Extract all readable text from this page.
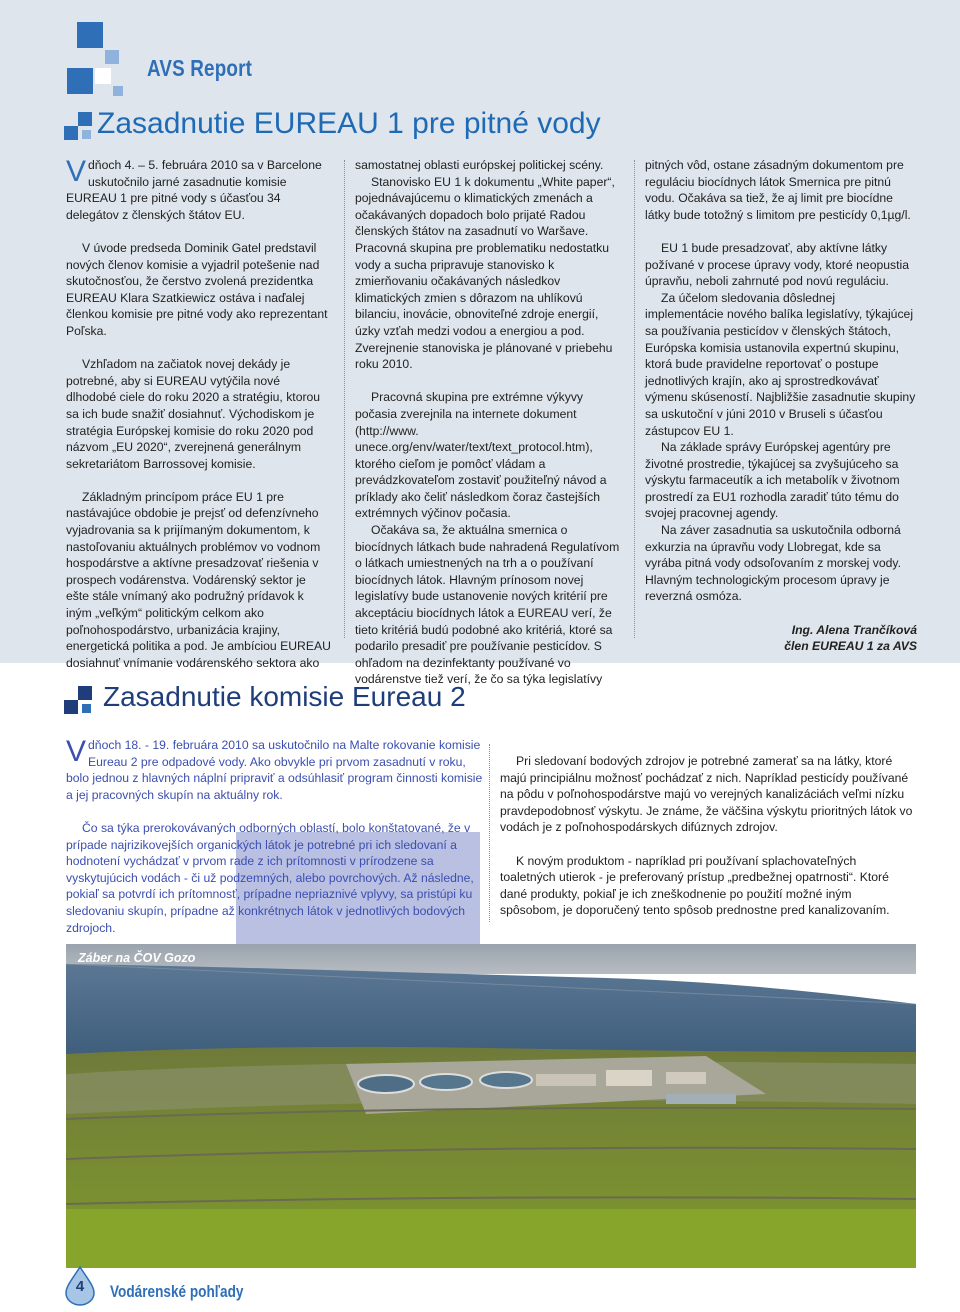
AVS Report
Zasadnutie EUREAU 1 pre pitné vody

Vdňoch 4. – 5. februára 2010 sa v Barcelone uskutočnilo jarné zasadnutie komisie EUREAU 1 pre pitné vody s účasťou 34 delegátov z členských štátov EU.

V úvode predseda Dominik Gatel predstavil nových členov komisie a vyjadril potešenie nad skutočnosťou, že čerstvo zvolená prezidentka EUREAU Klara Szatkiewicz ostáva i naďalej členkou komisie pre pitné vody ako reprezentant Poľska.

Vzhľadom na začiatok novej dekády je potrebné, aby si EUREAU vytýčila nové dlhodobé ciele do roku 2020 a stratégiu, ktorou sa ich bude snažiť dosiahnuť. Východiskom je stratégia Európskej komisie do roku 2020 pod názvom „EU 2020“, zverejnená generálnym sekretariátom Barrossovej komisie.

Základným princípom práce EU 1 pre nastávajúce obdobie je prejsť od defenzívneho vyjadrovania sa k prijímaným dokumentom, k nastoľovaniu aktuálnych problémov vo vodnom hospodárstve a aktívne presadzovať riešenia v prospech vodárenstva. Vodárenský sektor je ešte stále vnímaný ako podružný prídavok k iným „veľkým“ politickým celkom ako poľnohospodárstvo, urbanizácia krajiny, energetická politika a pod. Je ambíciou EUREAU dosiahnuť vnímanie vodárenského sektora ako

samostatnej oblasti európskej politickej scény.

Stanovisko EU 1 k dokumentu „White paper“, pojednávajúcemu o klimatických zmenách a očakávaných dopadoch bolo prijaté Radou členských štátov na zasadnutí vo Waršave. Pracovná skupina pre problematiku nedostatku vody a sucha pripravuje stanovisko k zmierňovaniu očakávaných následkov klimatických zmien s dôrazom na uhlíkovú bilanciu, inovácie, obnoviteľné zdroje energií, úzky vzťah medzi vodou a energiou a pod. Zverejnenie stanoviska je plánované v priebehu roku 2010.

Pracovná skupina pre extrémne výkyvy počasia zverejnila na internete dokument (http://www. unece.org/env/water/text/text_protocol.htm), ktorého cieľom je pomôcť vládam a prevádzkovateľom zostaviť použiteľný návod a príklady ako čeliť následkom čoraz častejších extrémnych výčinov počasia.

Očakáva sa, že aktuálna smernica o biocídnych látkach bude nahradená Regulatívom o látkach umiestnených na trh a o používaní biocídnych látok. Hlavným prínosom novej legislatívy bude ustanovenie nových kritérií pre akceptáciu biocídnych látok a EUREAU verí, že tieto kritériá budú podobné ako kritériá, ktoré sa podarilo presadiť pre používanie pesticídov. S ohľadom na dezinfektanty používané vo vodárenstve tiež verí, že čo sa týka legislatívy

pitných vôd, ostane zásadným dokumentom pre reguláciu biocídnych látok Smernica pre pitnú vodu. Očakáva sa tiež, že aj limit pre biocídne látky bude totožný s limitom pre pesticídy 0,1µg/l.

EU 1 bude presadzovať, aby aktívne látky požívané v procese úpravy vody, ktoré neopustia úpravňu, neboli zahrnuté pod novú reguláciu.

Za účelom sledovania dôslednej implementácie nového balíka legislatívy, týkajúcej sa používania pesticídov v členských štátoch, Európska komisia ustanovila expertnú skupinu, ktorá bude pravidelne reportovať o postupe jednotlivých krajín, ako aj sprostredkovávať výmenu skúseností. Najbližšie zasadnutie skupiny sa uskutoční v júni 2010 v Bruseli s účasťou zástupcov EU 1.

Na základe správy Európskej agentúry pre životné prostredie, týkajúcej sa zvyšujúceho sa výskytu farmaceutík a ich metabolík v životnom prostredí za EU1 rozhodla zaradiť túto tému do svojej pracovnej agendy.

Na záver zasadnutia sa uskutočnila odborná exkurzia na úpravňu vody Llobregat, kde sa vyrába pitná vody odsoľovaním z morskej vody. Hlavným technologickým procesom úpravy je reverzná osmóza.

Ing. Alena Trančíková

člen EUREAU 1 za AVS

Zasadnutie komisie Eureau 2

Vdňoch 18. - 19. februára 2010 sa uskutočnilo na Malte rokovanie komisie Eureau 2 pre odpadové vody. Ako obvykle pri prvom zasadnutí v roku, bolo jednou z hlavných náplní pripraviť a odsúhlasiť program činnosti komisie a jej pracovných skupín na aktuálny rok.

Čo sa týka prerokovávaných odborných oblastí, bolo konštatované, že v prípade najrizikovejších organických látok je potrebné pri ich sledovaní a hodnotení vychádzať v prvom rade z ich prítomnosti v prírodzene sa vyskytujúcich vodách - či už podzemných, alebo povrchových. Až následne, pokiaľ sa potvrdí ich prítomnosť, prípadne nepriaznivé vplyvy, sa pristúpi ku sledovaniu skupín, prípadne až konkrétnych látok v jednotlivých bodových zdrojoch.

Pri sledovaní bodových zdrojov je potrebné zamerať sa na látky, ktoré majú principiálnu možnosť pochádzať z nich. Napríklad pesticídy používané na pôdu v poľnohospodárstve majú vo verejných kanalizáciách veľmi nízku pravdepodobnosť výskytu. Je známe, že väčšina výskytu prioritných látok vo vodách je z poľnohospodárskych difúznych zdrojov.

K novým produktom - napríklad pri používaní splachovateľných toaletných utierok - je preferovaný prístup „predbežnej opatrnosti“. Ktoré dané produkty, pokiaľ je ich zneškodnenie po použití možné iným spôsobom, je doporučený tento spôsob prednostne pred kanalizovaním.

Záber na ČOV Gozo
4	Vodárenské pohľady
